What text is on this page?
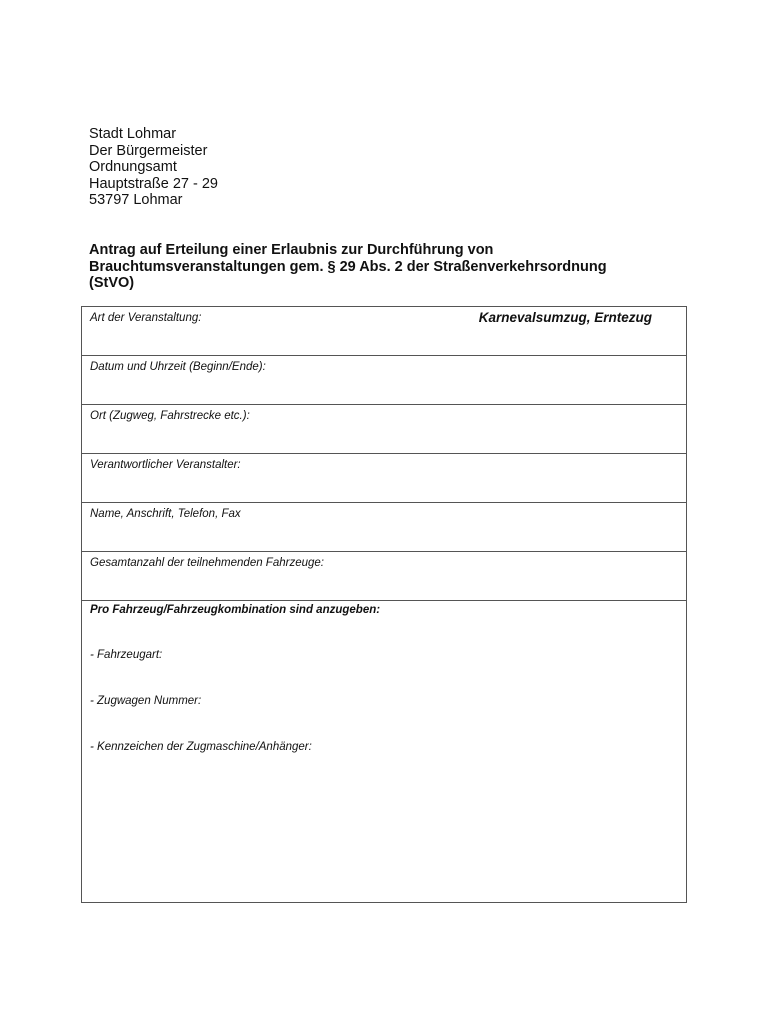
Stadt Lohmar
Der Bürgermeister
Ordnungsamt
Hauptstraße 27 - 29
53797 Lohmar
Antrag auf Erteilung einer Erlaubnis zur Durchführung von
Brauchtumsveranstaltungen gem. § 29 Abs. 2 der Straßenverkehrsordnung
(StVO)
Art der Veranstaltung:	Karnevalsumzug, Erntezug
Datum und Uhrzeit (Beginn/Ende):
Ort (Zugweg, Fahrstrecke etc.):
Verantwortlicher Veranstalter:
Name, Anschrift, Telefon, Fax
Gesamtanzahl der teilnehmenden Fahrzeuge:
Pro Fahrzeug/Fahrzeugkombination sind anzugeben:
- Fahrzeugart:
- Zugwagen Nummer:
- Kennzeichen der Zugmaschine/Anhänger:
